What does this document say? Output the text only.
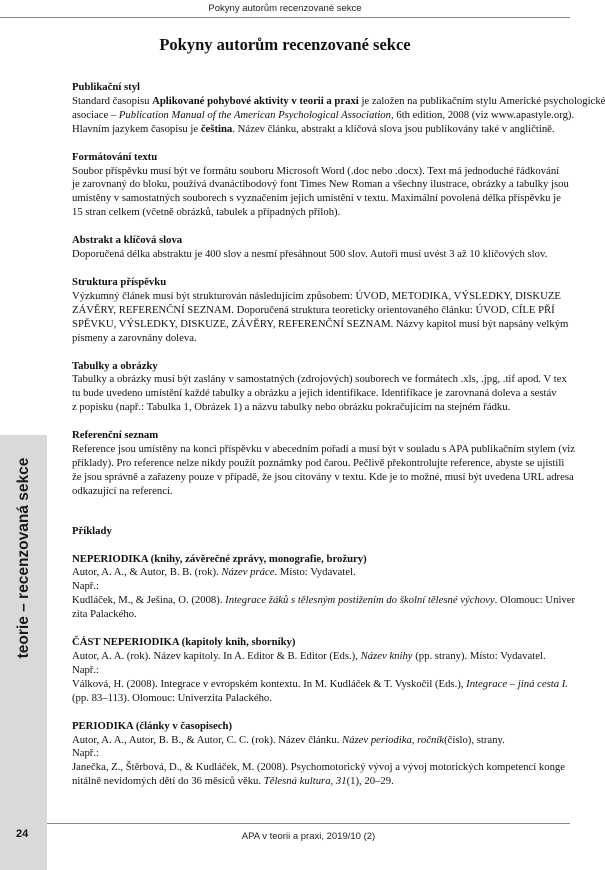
Pokyny autorům recenzované sekce
Pokyny autorům recenzované sekce
Publikační styl
Standard časopisu Aplikované pohybové aktivity v teorii a praxi je založen na publikačním stylu Americké psychologické
asociace – Publication Manual of the American Psychological Association, 6th edition, 2008 (viz www.apastyle.org).
Hlavním jazykem časopisu je čeština. Název článku, abstrakt a klíčová slova jsou publikovány také v angličtině.
Formátování textu
Soubor příspěvku musí být ve formátu souboru Microsoft Word (.doc nebo .docx). Text má jednoduché řádkování
je zarovnaný do bloku, používá dvanáctibodový font Times New Roman a všechny ilustrace, obrázky a tabulky jsou
umístěny v samostatných souborech s vyznačením jejich umístění v textu. Maximální povolená délka příspěvku je
15 stran celkem (včetně obrázků, tabulek a případných příloh).
Abstrakt a klíčová slova
Doporučená délka abstraktu je 400 slov a nesmí přesáhnout 500 slov. Autoři musí uvést 3 až 10 klíčových slov.
Struktura příspěvku
Výzkumný článek musí být strukturován následujícím způsobem: ÚVOD, METODIKA, VÝSLEDKY, DISKUZE
ZÁVĚRY, REFERENČNÍ SEZNAM. Doporučená struktura teoreticky orientovaného článku: ÚVOD, CÍLE PŘÍ
SPĚVKU, VÝSLEDKY, DISKUZE, ZÁVĚRY, REFERENČNÍ SEZNAM. Názvy kapitol musí být napsány velkým
písmeny a zarovnány doleva.
Tabulky a obrázky
Tabulky a obrázky musí být zaslány v samostatných (zdrojových) souborech ve formátech .xls, .jpg, .tif apod. V tex
tu bude uvedeno umístění každé tabulky a obrázku a jejich identifikace. Identifikace je zarovnaná doleva a sestáv
z popisku (např.: Tabulka 1, Obrázek 1) a názvu tabulky nebo obrázku pokračujícím na stejném řádku.
Referenční seznam
Reference jsou umístěny na konci příspěvku v abecedním pořadí a musí být v souladu s APA publikačním stylem (viz
příklady). Pro reference nelze nikdy použít poznámky pod čarou. Pečlivě překontrolujte reference, abyste se ujistili
že jsou správně a zařazeny pouze v případě, že jsou citovány v textu. Kde je to možné, musí být uvedena URL adresa
odkazující na referenci.
Příklady
NEPERIODIKA (knihy, závěrečné zprávy, monografie, brožury)
Autor, A. A., & Autor, B. B. (rok). Název práce. Místo: Vydavatel.
Např.:
Kudláček, M., & Ješina, O. (2008). Integrace žáků s tělesným postižením do školní tělesné výchovy. Olomouc: Univer
zita Palackého.
ČÁST NEPERIODIKA (kapitoly knih, sborníky)
Autor, A. A. (rok). Název kapitoly. In A. Editor & B. Editor (Eds.), Název knihy (pp. strany). Místo: Vydavatel.
Např.:
Válková, H. (2008). Integrace v evropském kontextu. In M. Kudláček & T. Vyskočil (Eds.), Integrace – jiná cesta I.
(pp. 83–113). Olomouc: Univerzita Palackého.
PERIODIKA (články v časopisech)
Autor, A. A., Autor, B. B., & Autor, C. C. (rok). Název článku. Název periodika, ročník(číslo), strany.
Např.:
Janečka, Z., Štěrbová, D., & Kudláček, M. (2008). Psychomotorický vývoj a vývoj motorických kompetencí konge
nitálně nevidomých dětí do 36 měsíců věku. Tělesná kultura, 31(1), 20–29.
teorie – recenzovaná sekce
24	APA v teorii a praxi, 2019/10 (2)
